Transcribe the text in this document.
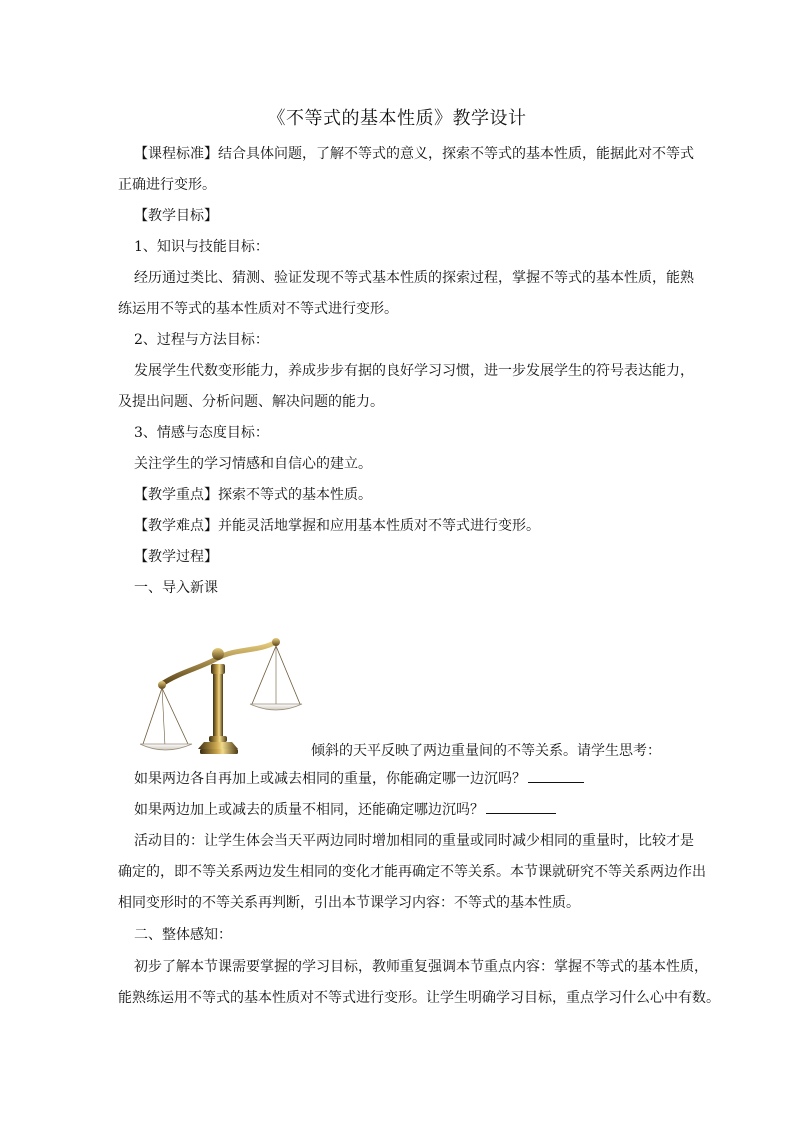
《不等式的基本性质》教学设计
【课程标准】结合具体问题，了解不等式的意义，探索不等式的基本性质，能据此对不等式
正确进行变形。
【教学目标】
1、知识与技能目标：
经历通过类比、猜测、验证发现不等式基本性质的探索过程，掌握不等式的基本性质，能熟
练运用不等式的基本性质对不等式进行变形。
2、过程与方法目标：
发展学生代数变形能力，养成步步有据的良好学习习惯，进一步发展学生的符号表达能力，
及提出问题、分析问题、解决问题的能力。
3、情感与态度目标：
关注学生的学习情感和自信心的建立。
【教学重点】探索不等式的基本性质。
【教学难点】并能灵活地掌握和应用基本性质对不等式进行变形。
【教学过程】
一、导入新课
倾斜的天平反映了两边重量间的不等关系。请学生思考：
如果两边各自再加上或减去相同的重量，你能确定哪一边沉吗？
如果两边加上或减去的质量不相同，还能确定哪边沉吗？
活动目的：让学生体会当天平两边同时增加相同的重量或同时减少相同的重量时，比较才是
确定的，即不等关系两边发生相同的变化才能再确定不等关系。本节课就研究不等关系两边作出
相同变形时的不等关系再判断，引出本节课学习内容：不等式的基本性质。
二、整体感知：
初步了解本节课需要掌握的学习目标，教师重复强调本节重点内容：掌握不等式的基本性质，
能熟练运用不等式的基本性质对不等式进行变形。让学生明确学习目标，重点学习什么心中有数。
